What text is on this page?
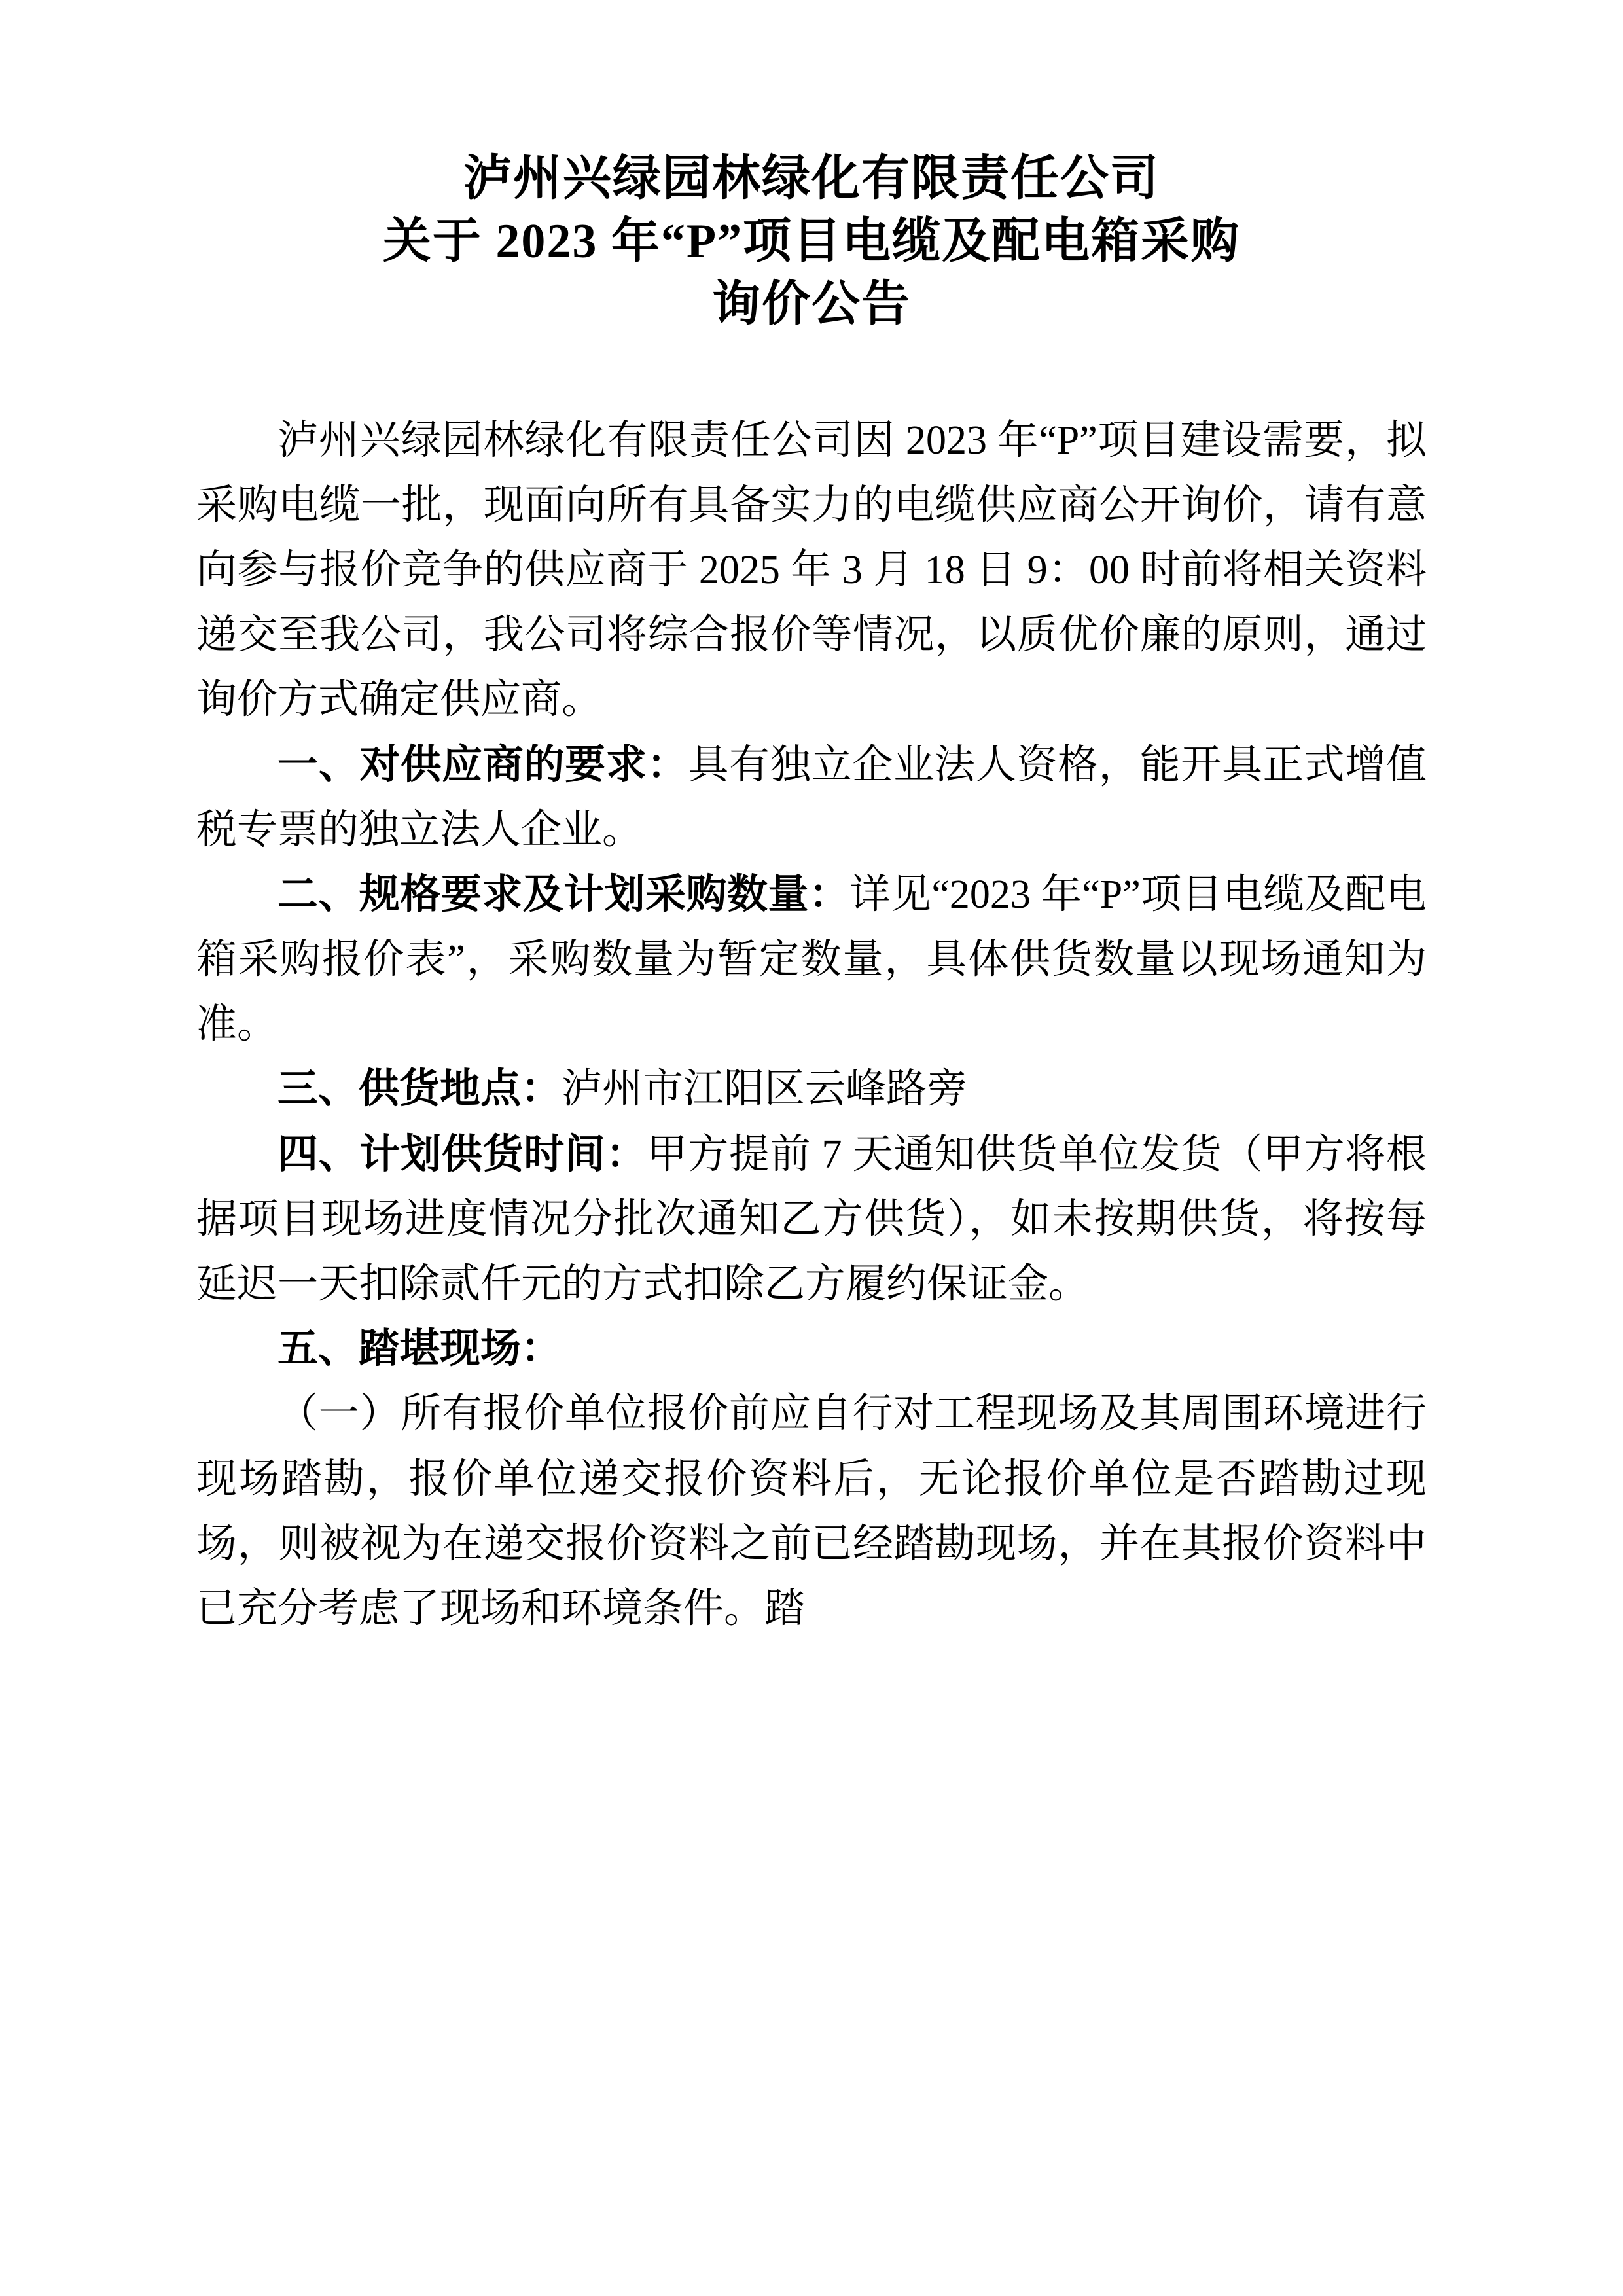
泸州兴绿园林绿化有限责任公司
关于 2023 年“P”项目电缆及配电箱采购
询价公告

泸州兴绿园林绿化有限责任公司因 2023 年“P”项目建设需要，拟采购电缆一批，现面向所有具备实力的电缆供应商公开询价，请有意向参与报价竞争的供应商于 2025 年 3 月 18 日 9：00 时前将相关资料递交至我公司，我公司将综合报价等情况，以质优价廉的原则，通过询价方式确定供应商。

一、对供应商的要求：具有独立企业法人资格，能开具正式增值税专票的独立法人企业。

二、规格要求及计划采购数量：详见“2023 年“P”项目电缆及配电箱采购报价表”，采购数量为暂定数量，具体供货数量以现场通知为准。

三、供货地点：泸州市江阳区云峰路旁

四、计划供货时间：甲方提前 7 天通知供货单位发货（甲方将根据项目现场进度情况分批次通知乙方供货），如未按期供货，将按每延迟一天扣除贰仟元的方式扣除乙方履约保证金。

五、踏堪现场：

（一）所有报价单位报价前应自行对工程现场及其周围环境进行现场踏勘，报价单位递交报价资料后，无论报价单位是否踏勘过现场，则被视为在递交报价资料之前已经踏勘现场，并在其报价资料中已充分考虑了现场和环境条件。踏
